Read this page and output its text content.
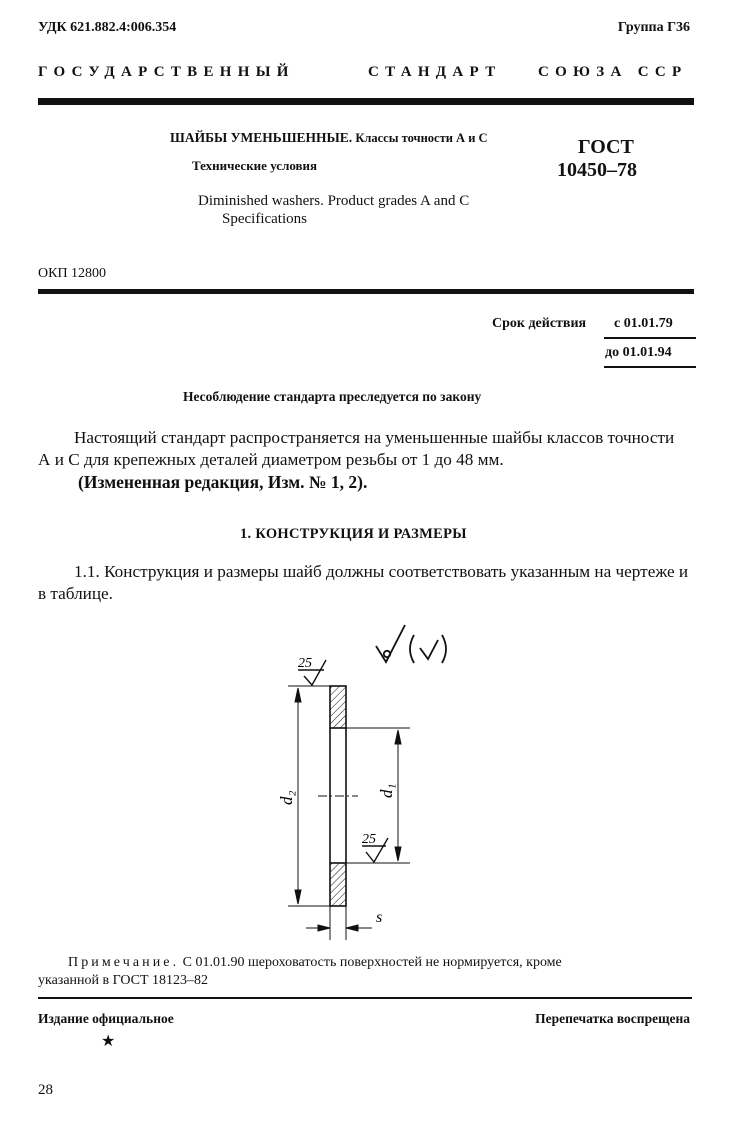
УДК 621.882.4:006.354	Группа Г36
ГОСУДАРСТВЕННЫЙ	СТАНДАРТ СОЮЗА ССР
ШАЙБЫ УМЕНЬШЕННЫЕ. Классы точности А и С
Технические условия
Diminished washers. Product grades A and C
Specifications
ГОСТ
10450–78
ОКП 12800
Срок действия с 01.01.79
до 01.01.94
Несоблюдение стандарта преследуется по закону
Настоящий стандарт распространяется на уменьшенные шайбы классов точности А и С для крепежных деталей диаметром резьбы от 1 до 48 мм.
(Измененная редакция, Изм. № 1, 2).
1. КОНСТРУКЦИЯ И РАЗМЕРЫ
1.1. Конструкция и размеры шайб должны соответствовать указанным на чертеже и в таблице.
d₂	d₁
25
25
s
Примечание. С 01.01.90 шероховатость поверхностей не нормируется, кроме
указанной в ГОСТ 18123–82
Издание официальное	Перепечатка воспрещена
★
28
